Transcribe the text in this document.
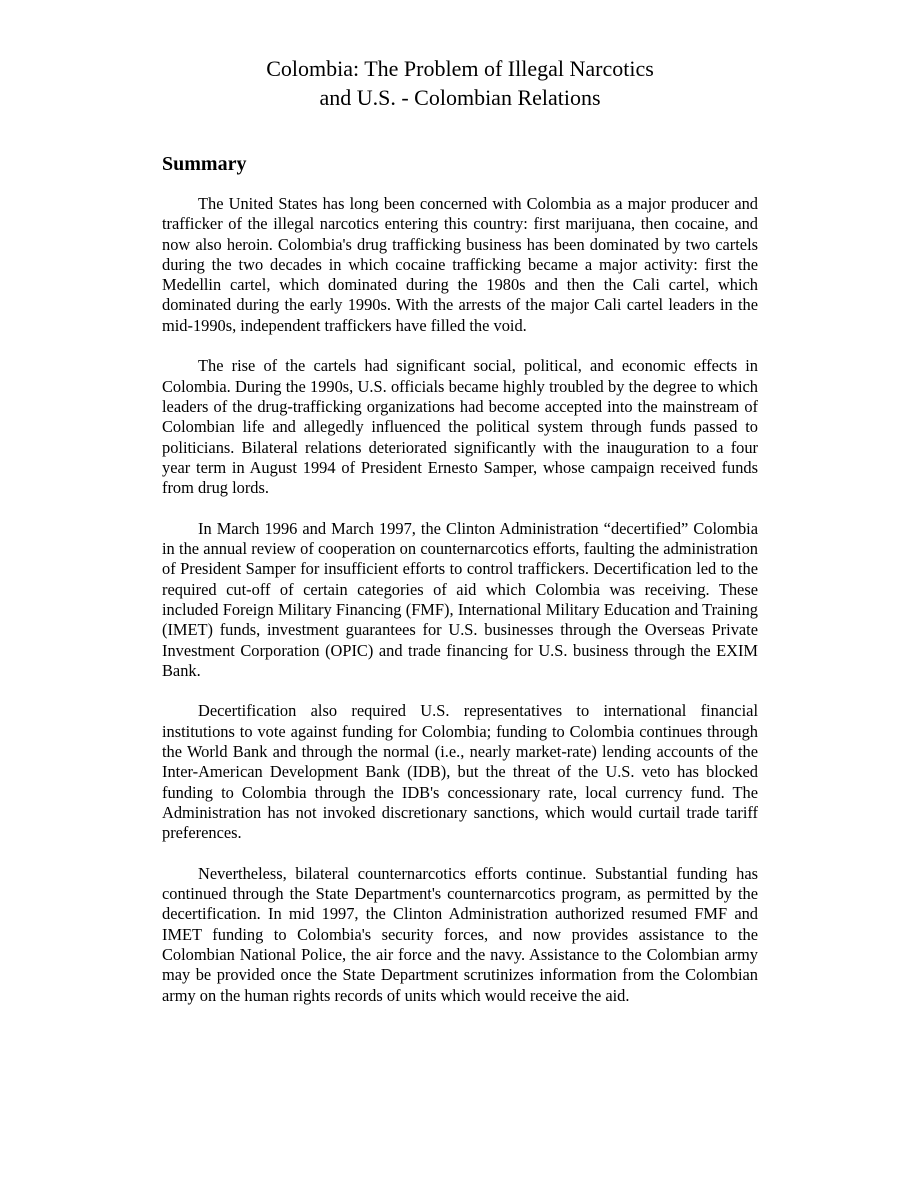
Colombia: The Problem of Illegal Narcotics
and U.S. - Colombian Relations
Summary

The United States has long been concerned with Colombia as a major producer and trafficker of the illegal narcotics entering this country: first marijuana, then cocaine, and now also heroin. Colombia's drug trafficking business has been dominated by two cartels during the two decades in which cocaine trafficking became a major activity: first the Medellin cartel, which dominated during the 1980s and then the Cali cartel, which dominated during the early 1990s. With the arrests of the major Cali cartel leaders in the mid-1990s, independent traffickers have filled the void.

The rise of the cartels had significant social, political, and economic effects in Colombia. During the 1990s, U.S. officials became highly troubled by the degree to which leaders of the drug-trafficking organizations had become accepted into the mainstream of Colombian life and allegedly influenced the political system through funds passed to politicians. Bilateral relations deteriorated significantly with the inauguration to a four year term in August 1994 of President Ernesto Samper, whose campaign received funds from drug lords.

In March 1996 and March 1997, the Clinton Administration “decertified” Colombia in the annual review of cooperation on counternarcotics efforts, faulting the administration of President Samper for insufficient efforts to control traffickers. Decertification led to the required cut-off of certain categories of aid which Colombia was receiving. These included Foreign Military Financing (FMF), International Military Education and Training (IMET) funds, investment guarantees for U.S. businesses through the Overseas Private Investment Corporation (OPIC) and trade financing for U.S. business through the EXIM Bank.

Decertification also required U.S. representatives to international financial institutions to vote against funding for Colombia; funding to Colombia continues through the World Bank and through the normal (i.e., nearly market-rate) lending accounts of the Inter-American Development Bank (IDB), but the threat of the U.S. veto has blocked funding to Colombia through the IDB's concessionary rate, local currency fund. The Administration has not invoked discretionary sanctions, which would curtail trade tariff preferences.

Nevertheless, bilateral counternarcotics efforts continue. Substantial funding has continued through the State Department's counternarcotics program, as permitted by the decertification. In mid 1997, the Clinton Administration authorized resumed FMF and IMET funding to Colombia's security forces, and now provides assistance to the Colombian National Police, the air force and the navy. Assistance to the Colombian army may be provided once the State Department scrutinizes information from the Colombian army on the human rights records of units which would receive the aid.
